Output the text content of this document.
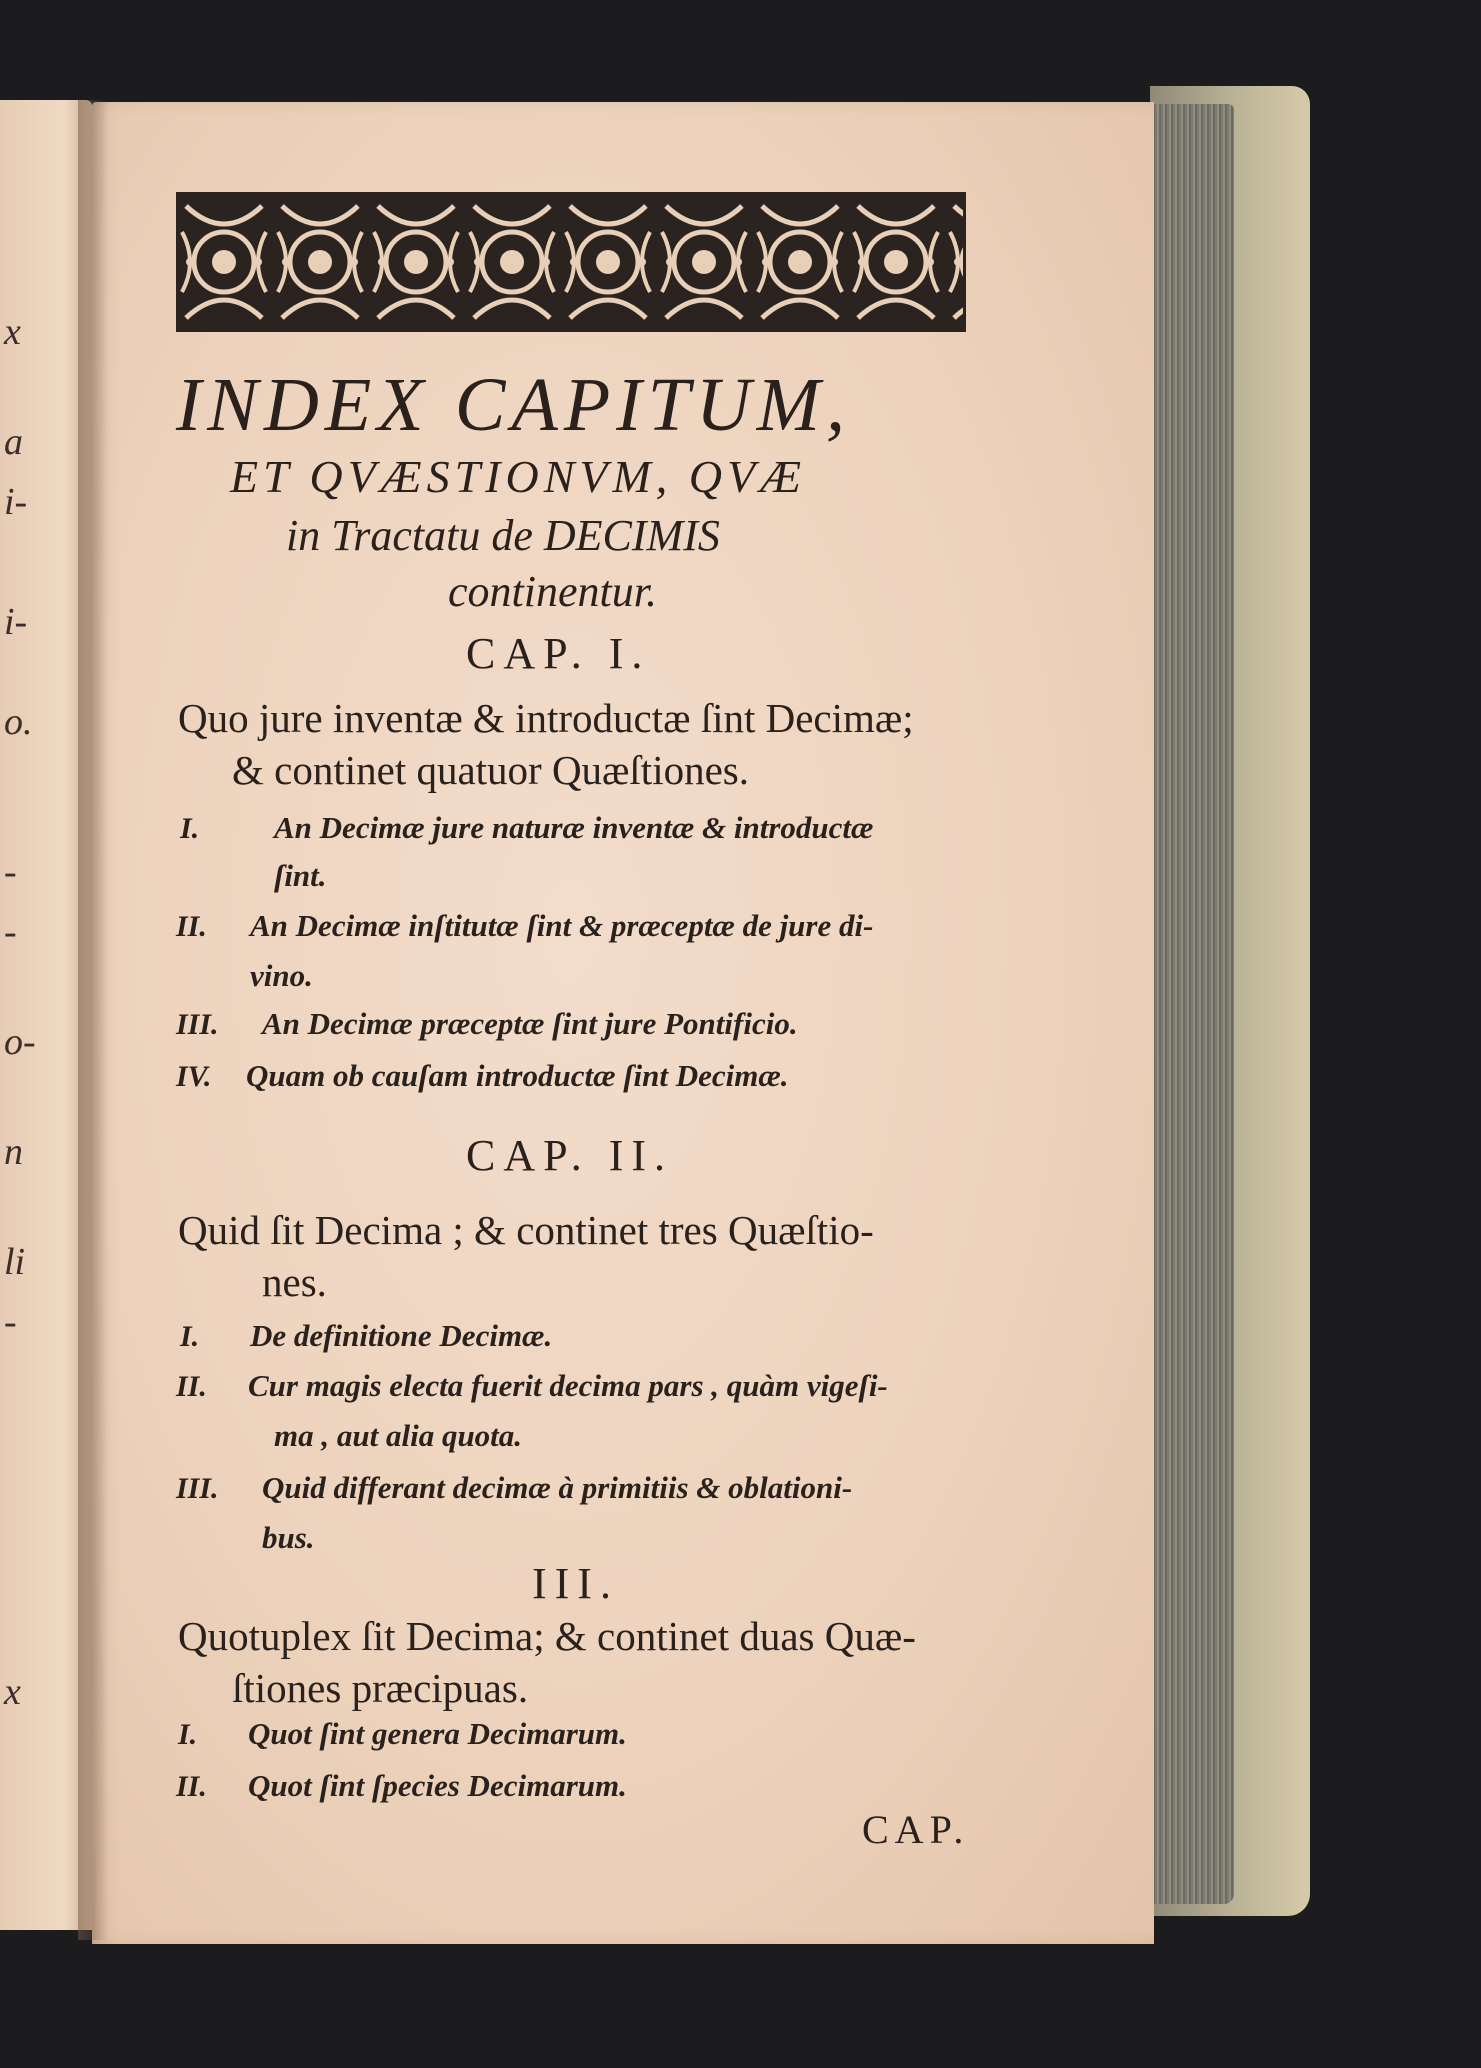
x
a
i-
i-
o.
-
-
o-
n
li
-
x
INDEX CAPITUM,
ET QVÆSTIONVM, QVÆ
in Tractatu de DECIMIS
continentur.
CAP. I.
Quo jure inventæ & introductæ ſint Decimæ;
& continet quatuor Quæſtiones.
I. An Decimæ jure naturæ inventæ & introductæ
ſint.
II. An Decimæ inſtitutæ ſint & præceptæ de jure di-
vino.
III. An Decimæ præceptæ ſint jure Pontificio.
IV. Quam ob cauſam introductæ ſint Decimæ.
CAP. II.
Quid ſit Decima ; & continet tres Quæſtio-
nes.
I. De definitione Decimæ.
II. Cur magis electa fuerit decima pars , quàm vigeſi-
ma , aut alia quota.
III. Quid differant decimæ à primitiis & oblationi-
bus.
III.
Quotuplex ſit Decima; & continet duas Quæ-
ſtiones præcipuas.
I. Quot ſint genera Decimarum.
II. Quot ſint ſpecies Decimarum.
CAP.
